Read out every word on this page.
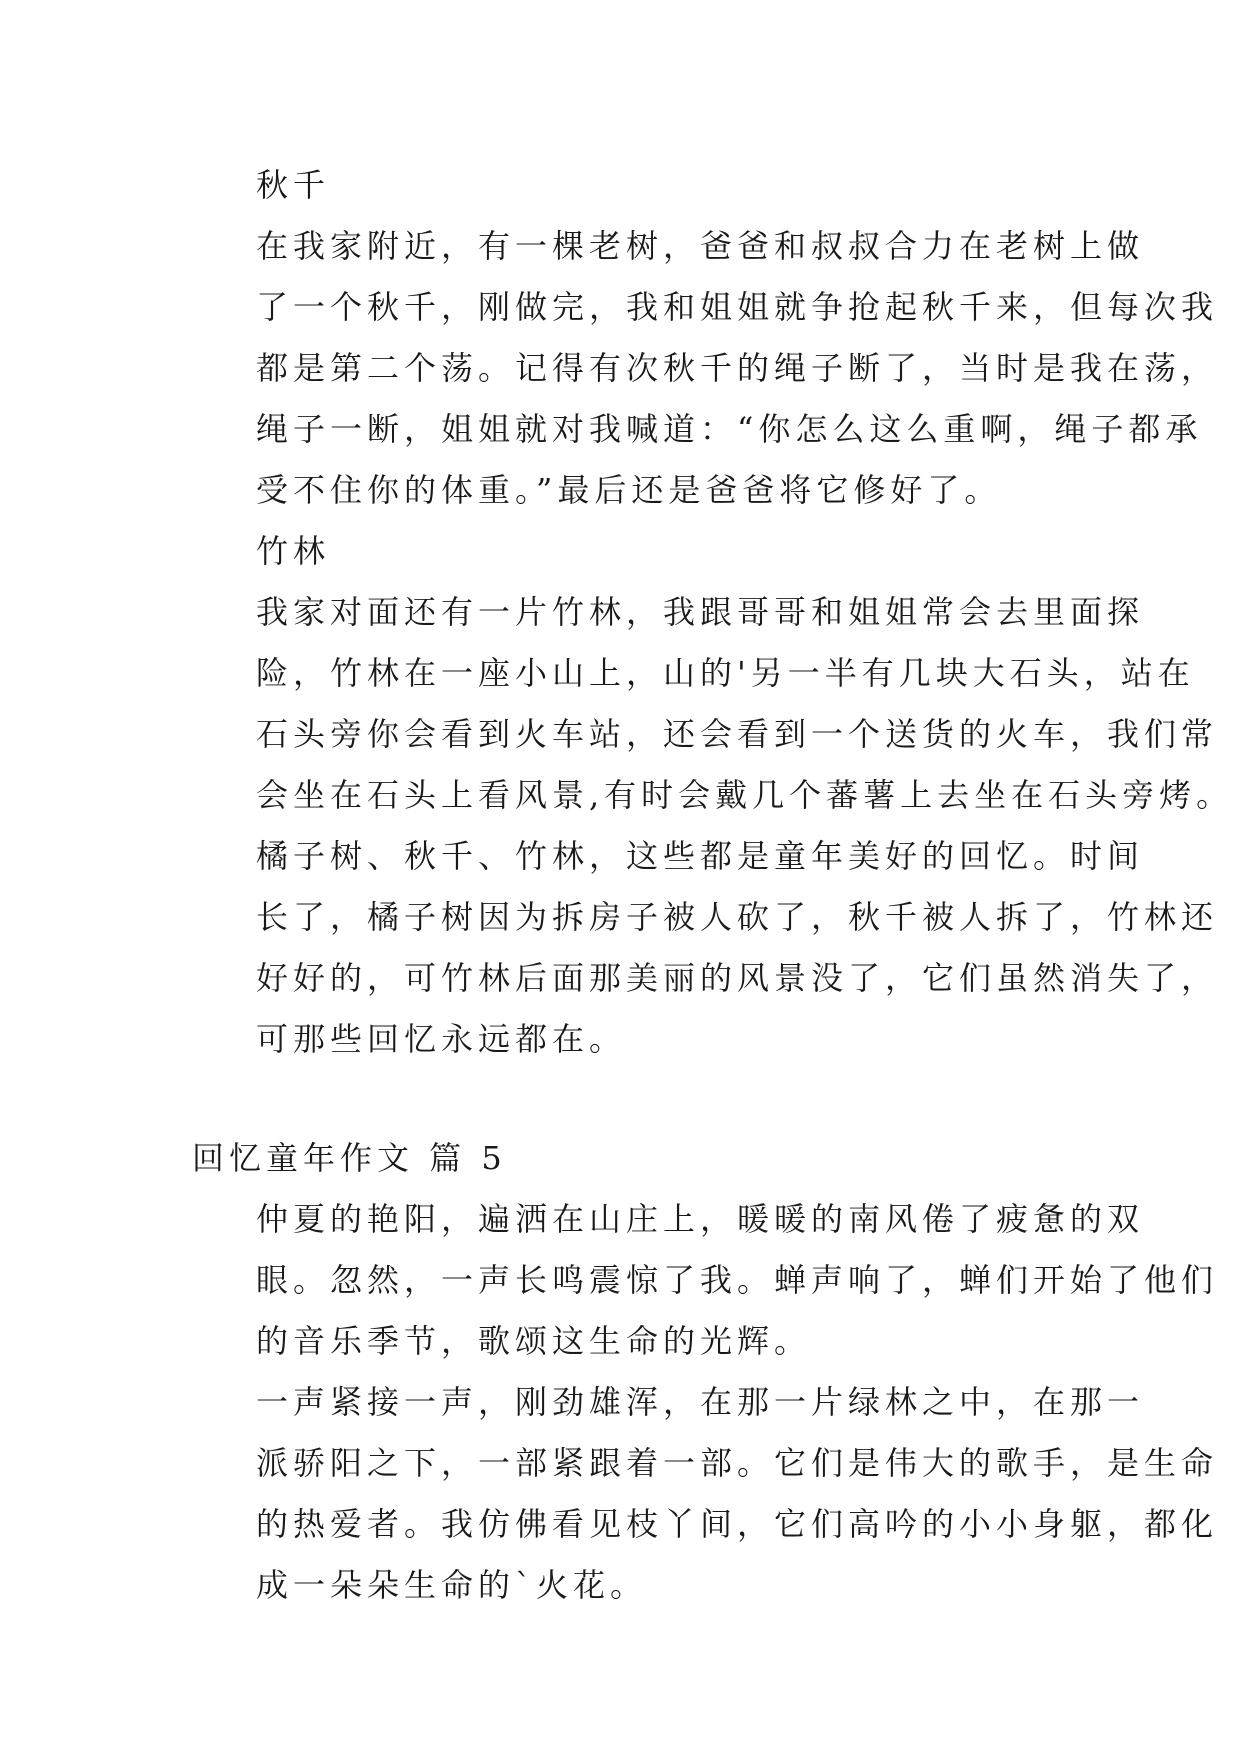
秋千
在我家附近，有一棵老树，爸爸和叔叔合力在老树上做
了一个秋千，刚做完，我和姐姐就争抢起秋千来，但每次我
都是第二个荡。记得有次秋千的绳子断了，当时是我在荡，
绳子一断，姐姐就对我喊道：“你怎么这么重啊，绳子都承
受不住你的体重。”最后还是爸爸将它修好了。
竹林
我家对面还有一片竹林，我跟哥哥和姐姐常会去里面探
险，竹林在一座小山上，山的'另一半有几块大石头，站在
石头旁你会看到火车站，还会看到一个送货的火车，我们常
会坐在石头上看风景,有时会戴几个蕃薯上去坐在石头旁烤。
橘子树、秋千、竹林，这些都是童年美好的回忆。时间
长了，橘子树因为拆房子被人砍了，秋千被人拆了，竹林还
好好的，可竹林后面那美丽的风景没了，它们虽然消失了，
可那些回忆永远都在。
回忆童年作文 篇 5
仲夏的艳阳，遍洒在山庄上，暖暖的南风倦了疲惫的双
眼。忽然，一声长鸣震惊了我。蝉声响了，蝉们开始了他们
的音乐季节，歌颂这生命的光辉。
一声紧接一声，刚劲雄浑，在那一片绿林之中，在那一
派骄阳之下，一部紧跟着一部。它们是伟大的歌手，是生命
的热爱者。我仿佛看见枝丫间，它们高吟的小小身躯，都化
成一朵朵生命的`火花。
